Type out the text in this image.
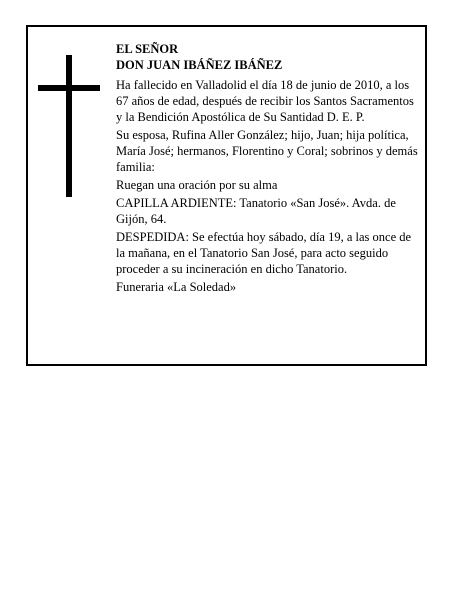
EL SEÑOR

DON JUAN IBÁÑEZ IBÁÑEZ

Ha fallecido en Valladolid el día 18 de junio de 2010, a los 67 años de edad, después de recibir los Santos Sacramentos y la Bendición Apostólica de Su Santidad D. E. P.

Su esposa, Rufina Aller González; hijo, Juan; hija política, María José; hermanos, Florentino y Coral; sobrinos y demás familia:

Ruegan una oración por su alma

CAPILLA ARDIENTE: Tanatorio «San José». Avda. de Gijón, 64.

DESPEDIDA: Se efectúa hoy sábado, día 19, a las once de la mañana, en el Tanatorio San José, para acto seguido proceder a su incineración en dicho Tanatorio.

Funeraria «La Soledad»
